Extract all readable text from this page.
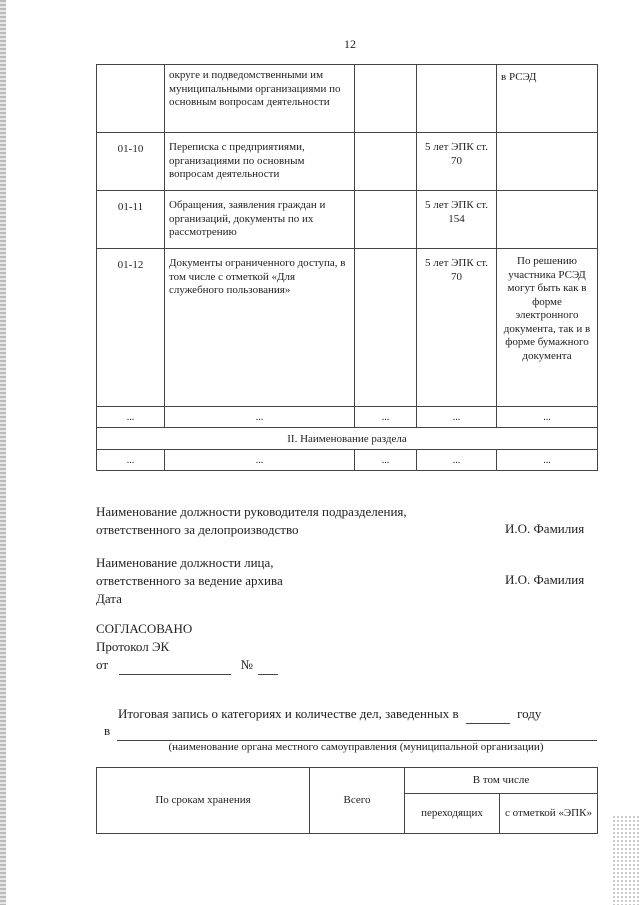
12
	округе и подведомственными им муниципальными организациями по основным вопросам деятельности			в РСЭД
01-10	Переписка с предприятиями, организациями по основным вопросам деятельности		5 лет ЭПК ст. 70	
01-11	Обращения, заявления граждан и организаций, документы по их рассмотрению		5 лет ЭПК ст. 154	
01-12	Документы ограниченного доступа, в том числе с отметкой «Для служебного пользования»		5 лет ЭПК ст. 70	По решению участника РСЭД могут быть как в форме электронного документа, так и в форме бумажного документа
...	...	...	...	...
II. Наименование раздела				
...	...	...	...	...
Наименование должности руководителя подразделения,
ответственного за делопроизводство	И.О. Фамилия
Наименование должности лица,
ответственного за ведение архива
Дата
И.О. Фамилия
СОГЛАСОВАНО
Протокол ЭК
от	№
Итоговая запись о категориях и количестве дел, заведенных в	году
в
(наименование органа местного самоуправления (муниципальной организации)
По срокам хранения	Всего	В том числе	
		переходящих	с отметкой «ЭПК»
